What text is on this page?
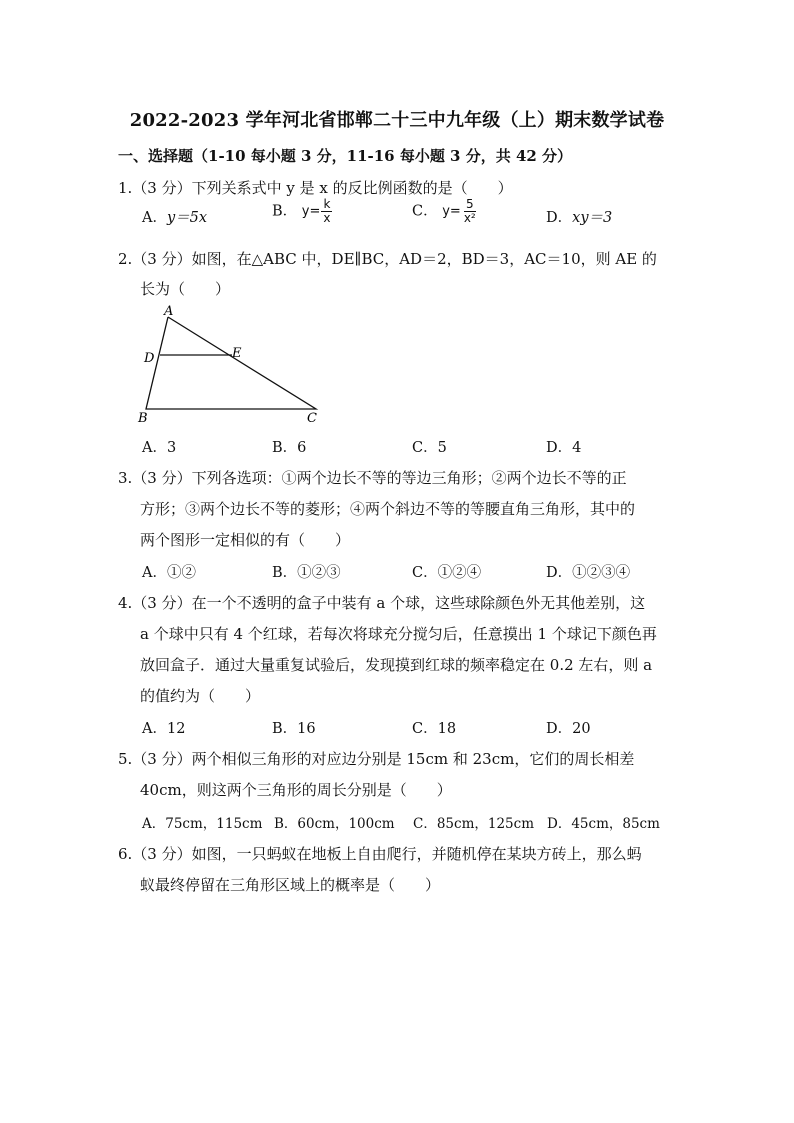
2022-2023 学年河北省邯郸二十三中九年级（上）期末数学试卷
一、选择题（1-10 每小题 3 分，11-16 每小题 3 分，共 42 分）
1.（3 分）下列关系式中 y 是 x 的反比例函数的是（　　）
A．y＝5x	B． $y= \frac{k}{x}$	C． $y= \frac{5}{\text{x²}}$	D．xy＝3
2.（3 分）如图，在△ABC 中，DE∥BC，AD＝2，BD＝3，AC＝10，则 AE 的
长为（　　）
A
D	E
B	C
A．3	B．6	C．5	D．4
3.（3 分）下列各选项：①两个边长不等的等边三角形；②两个边长不等的正
方形；③两个边长不等的菱形；④两个斜边不等的等腰直角三角形，其中的
两个图形一定相似的有（　　）
A．①②	B．①②③	C．①②④	D．①②③④
4.（3 分）在一个不透明的盒子中装有 a 个球，这些球除颜色外无其他差别，这
a 个球中只有 4 个红球，若每次将球充分搅匀后，任意摸出 1 个球记下颜色再
放回盒子．通过大量重复试验后，发现摸到红球的频率稳定在 0.2 左右，则 a
的值约为（　　）
A．12	B．16	C．18	D．20
5.（3 分）两个相似三角形的对应边分别是 15cm 和 23cm，它们的周长相差
40cm，则这两个三角形的周长分别是（　　）
A．75cm，115cm B．60cm，100cm C．85cm，125cm D．45cm，85cm
6.（3 分）如图，一只蚂蚁在地板上自由爬行，并随机停在某块方砖上，那么蚂
蚁最终停留在三角形区域上的概率是（　　）
